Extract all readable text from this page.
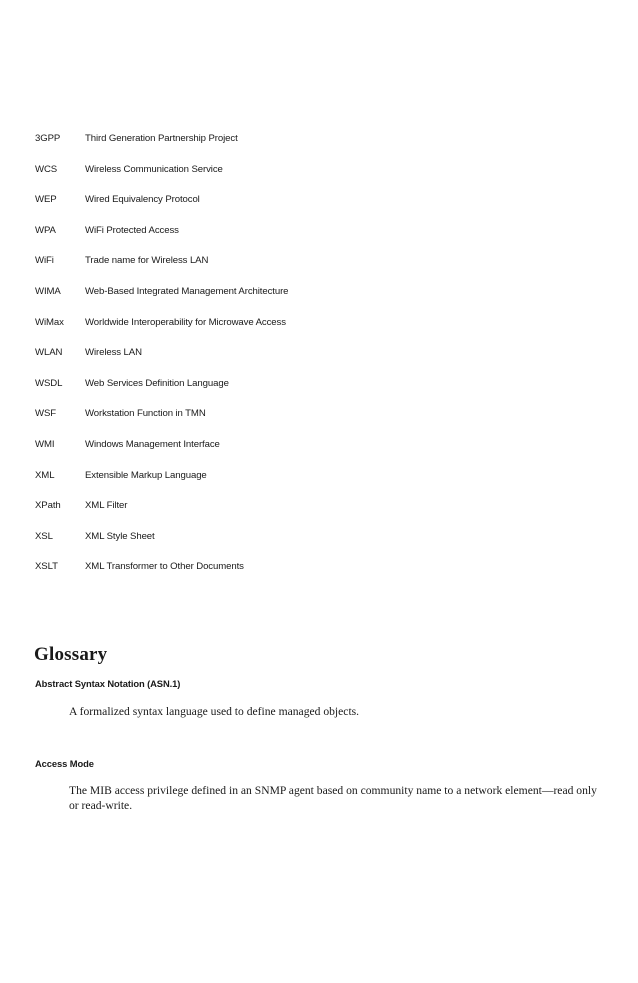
3GPP	Third Generation Partnership Project
WCS	Wireless Communication Service
WEP	Wired Equivalency Protocol
WPA	WiFi Protected Access
WiFi	Trade name for Wireless LAN
WIMA	Web-Based Integrated Management Architecture
WiMax	Worldwide Interoperability for Microwave Access
WLAN	Wireless LAN
WSDL	Web Services Definition Language
WSF	Workstation Function in TMN
WMI	Windows Management Interface
XML	Extensible Markup Language
XPath	XML Filter
XSL	XML Style Sheet
XSLT	XML Transformer to Other Documents
Glossary
Abstract Syntax Notation (ASN.1)

A formalized syntax language used to define managed objects.

Access Mode

The MIB access privilege defined in an SNMP agent based on community name to a network element—read only or read-write.
